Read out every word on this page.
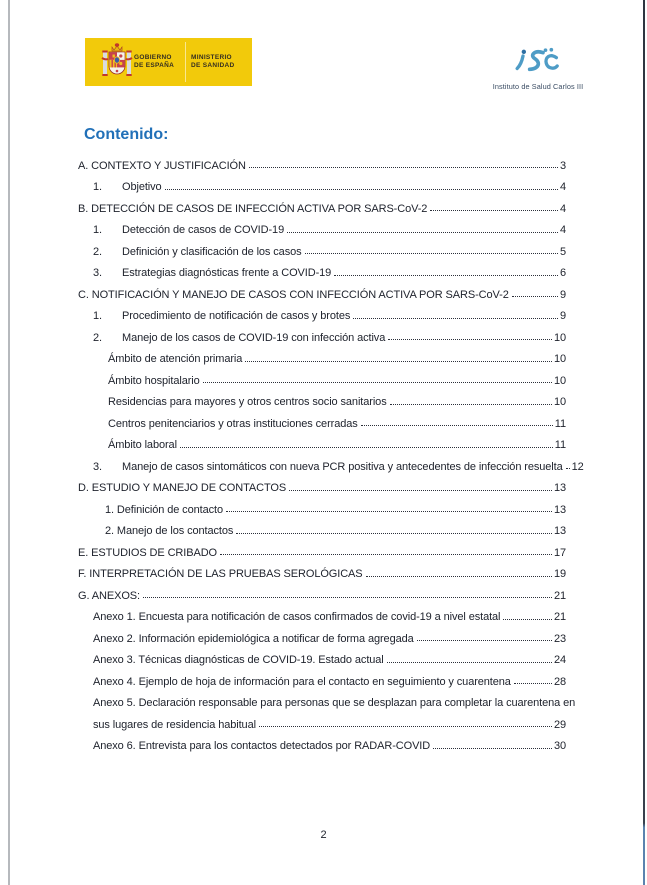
GOBIERNO
DE ESPAÑA
MINISTERIO
DE SANIDAD
Instituto de Salud Carlos III
Contenido:
A. CONTEXTO Y JUSTIFICACIÓN	3
1.	Objetivo	4
B. DETECCIÓN DE CASOS DE INFECCIÓN ACTIVA POR SARS-CoV-2	4
1.	Detección de casos de COVID-19	4
2.	Definición y clasificación de los casos	5
3.	Estrategias diagnósticas frente a COVID-19	6
C. NOTIFICACIÓN Y MANEJO DE CASOS CON INFECCIÓN ACTIVA POR SARS-CoV-2	9
1.	Procedimiento de notificación de casos y brotes	9
2.	Manejo de los casos de COVID-19 con infección activa	10
Ámbito de atención primaria	10
Ámbito hospitalario	10
Residencias para mayores y otros centros socio sanitarios	10
Centros penitenciarios y otras instituciones cerradas	11
Ámbito laboral	11
3.	Manejo de casos sintomáticos con nueva PCR positiva y antecedentes de infección resuelta 12
D. ESTUDIO Y MANEJO DE CONTACTOS	13
1. Definición de contacto	13
2. Manejo de los contactos	13
E. ESTUDIOS DE CRIBADO	17
F. INTERPRETACIÓN DE LAS PRUEBAS SEROLÓGICAS	19
G. ANEXOS:	21
Anexo 1. Encuesta para notificación de casos confirmados de covid-19 a nivel estatal	21
Anexo 2. Información epidemiológica a notificar de forma agregada	23
Anexo 3. Técnicas diagnósticas de COVID-19. Estado actual	24
Anexo 4. Ejemplo de hoja de información para el contacto en seguimiento y cuarentena	28
Anexo 5. Declaración responsable para personas que se desplazan para completar la cuarentena en
sus lugares de residencia habitual	29
Anexo 6. Entrevista para los contactos detectados por RADAR-COVID	30
2
